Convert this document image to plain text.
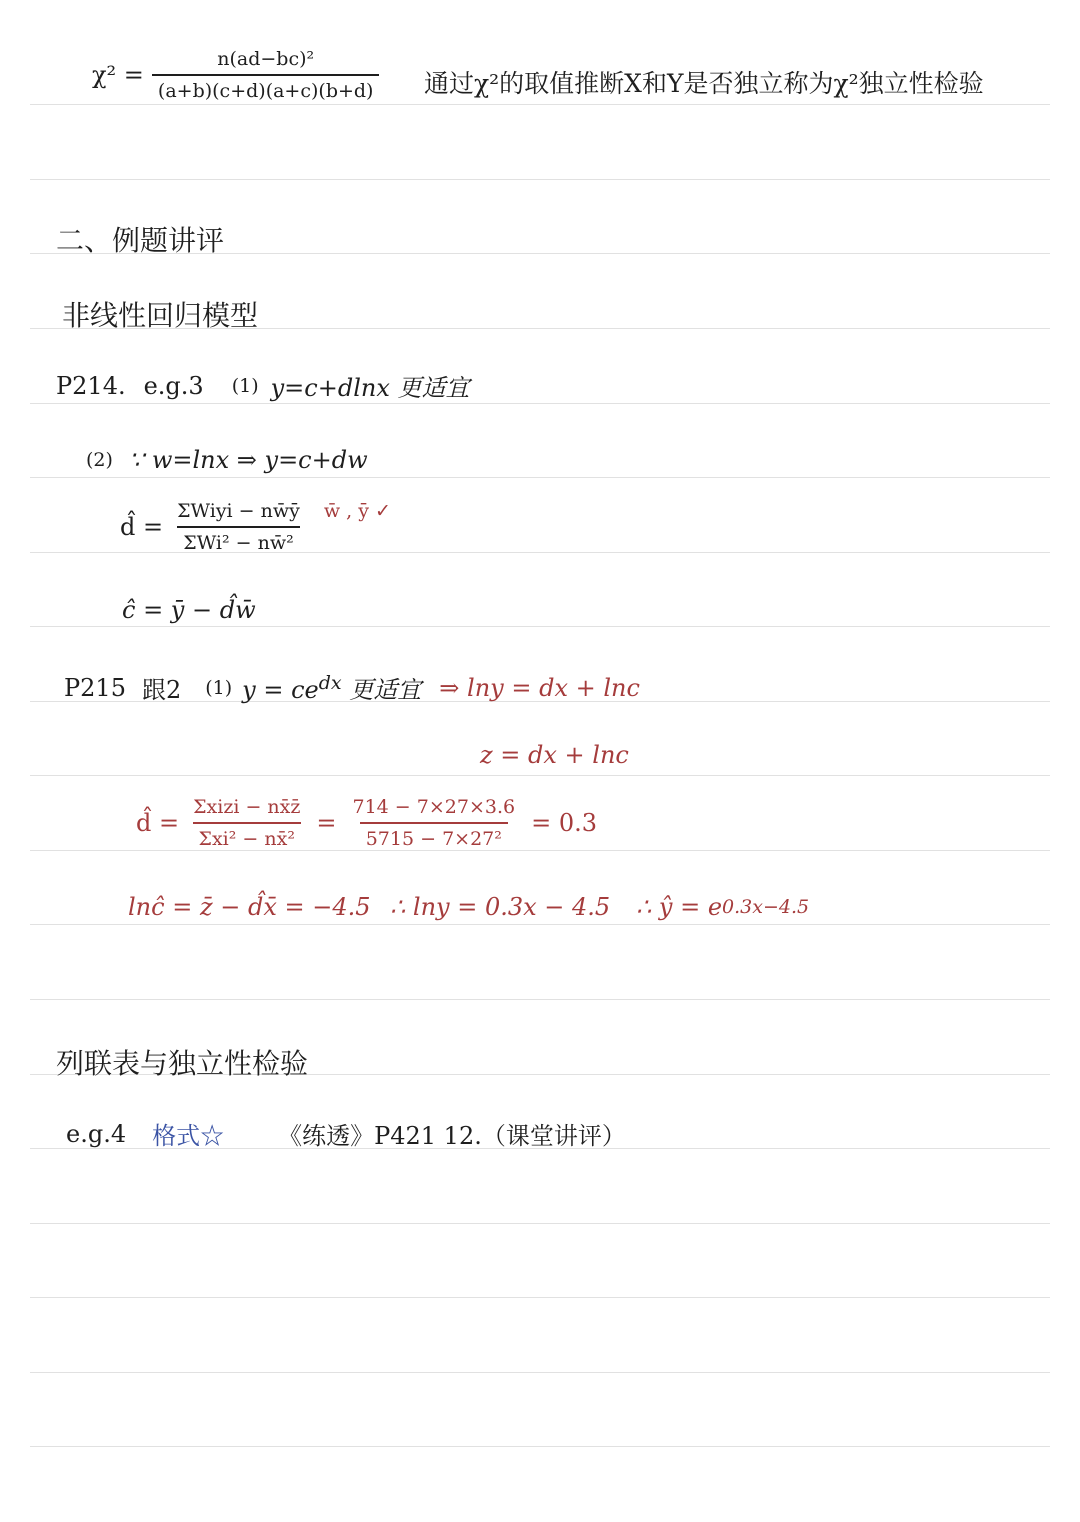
$\chi^2 = \frac{\text{n(ad−bc)²}}{(a+b)(c+d)(a+c)(b+d)}$ 通过χ²的取值推断X和Y是否独立称为χ²独立性检验
二、例题讲评
非线性回归模型
P214. e.g.3 (1) y=c+dlnx 更适宜
(2) ∵ w=lnx ⇒ y=c+dw
d̂ = $\frac{\text{ΣWiyi − nw̄ȳ}}{\text{ΣWi² − nw̄²}}$ w̄ , ȳ ✓
ĉ = ȳ − d̂w̄
P215 跟2 (1) $y = ce^{dx}$ 更适宜 ⇒ lny = dx + lnc
z = dx + lnc
d̂ = $\frac{\text{Σxizi − nx̄z̄}}{\text{Σxi² − nx̄²}} = \frac{714 - 7\times 27\times 3.6}{\text{5715 − 7×27²}} = 0.3$
lnĉ = z̄ − d̂x̄ = −4.5 ∴ lny = 0.3x − 4.5 ∴ ŷ = e 0.3x−4.5
列联表与独立性检验
e.g.4 格式☆ 《练透》P421 12.（课堂讲评）
